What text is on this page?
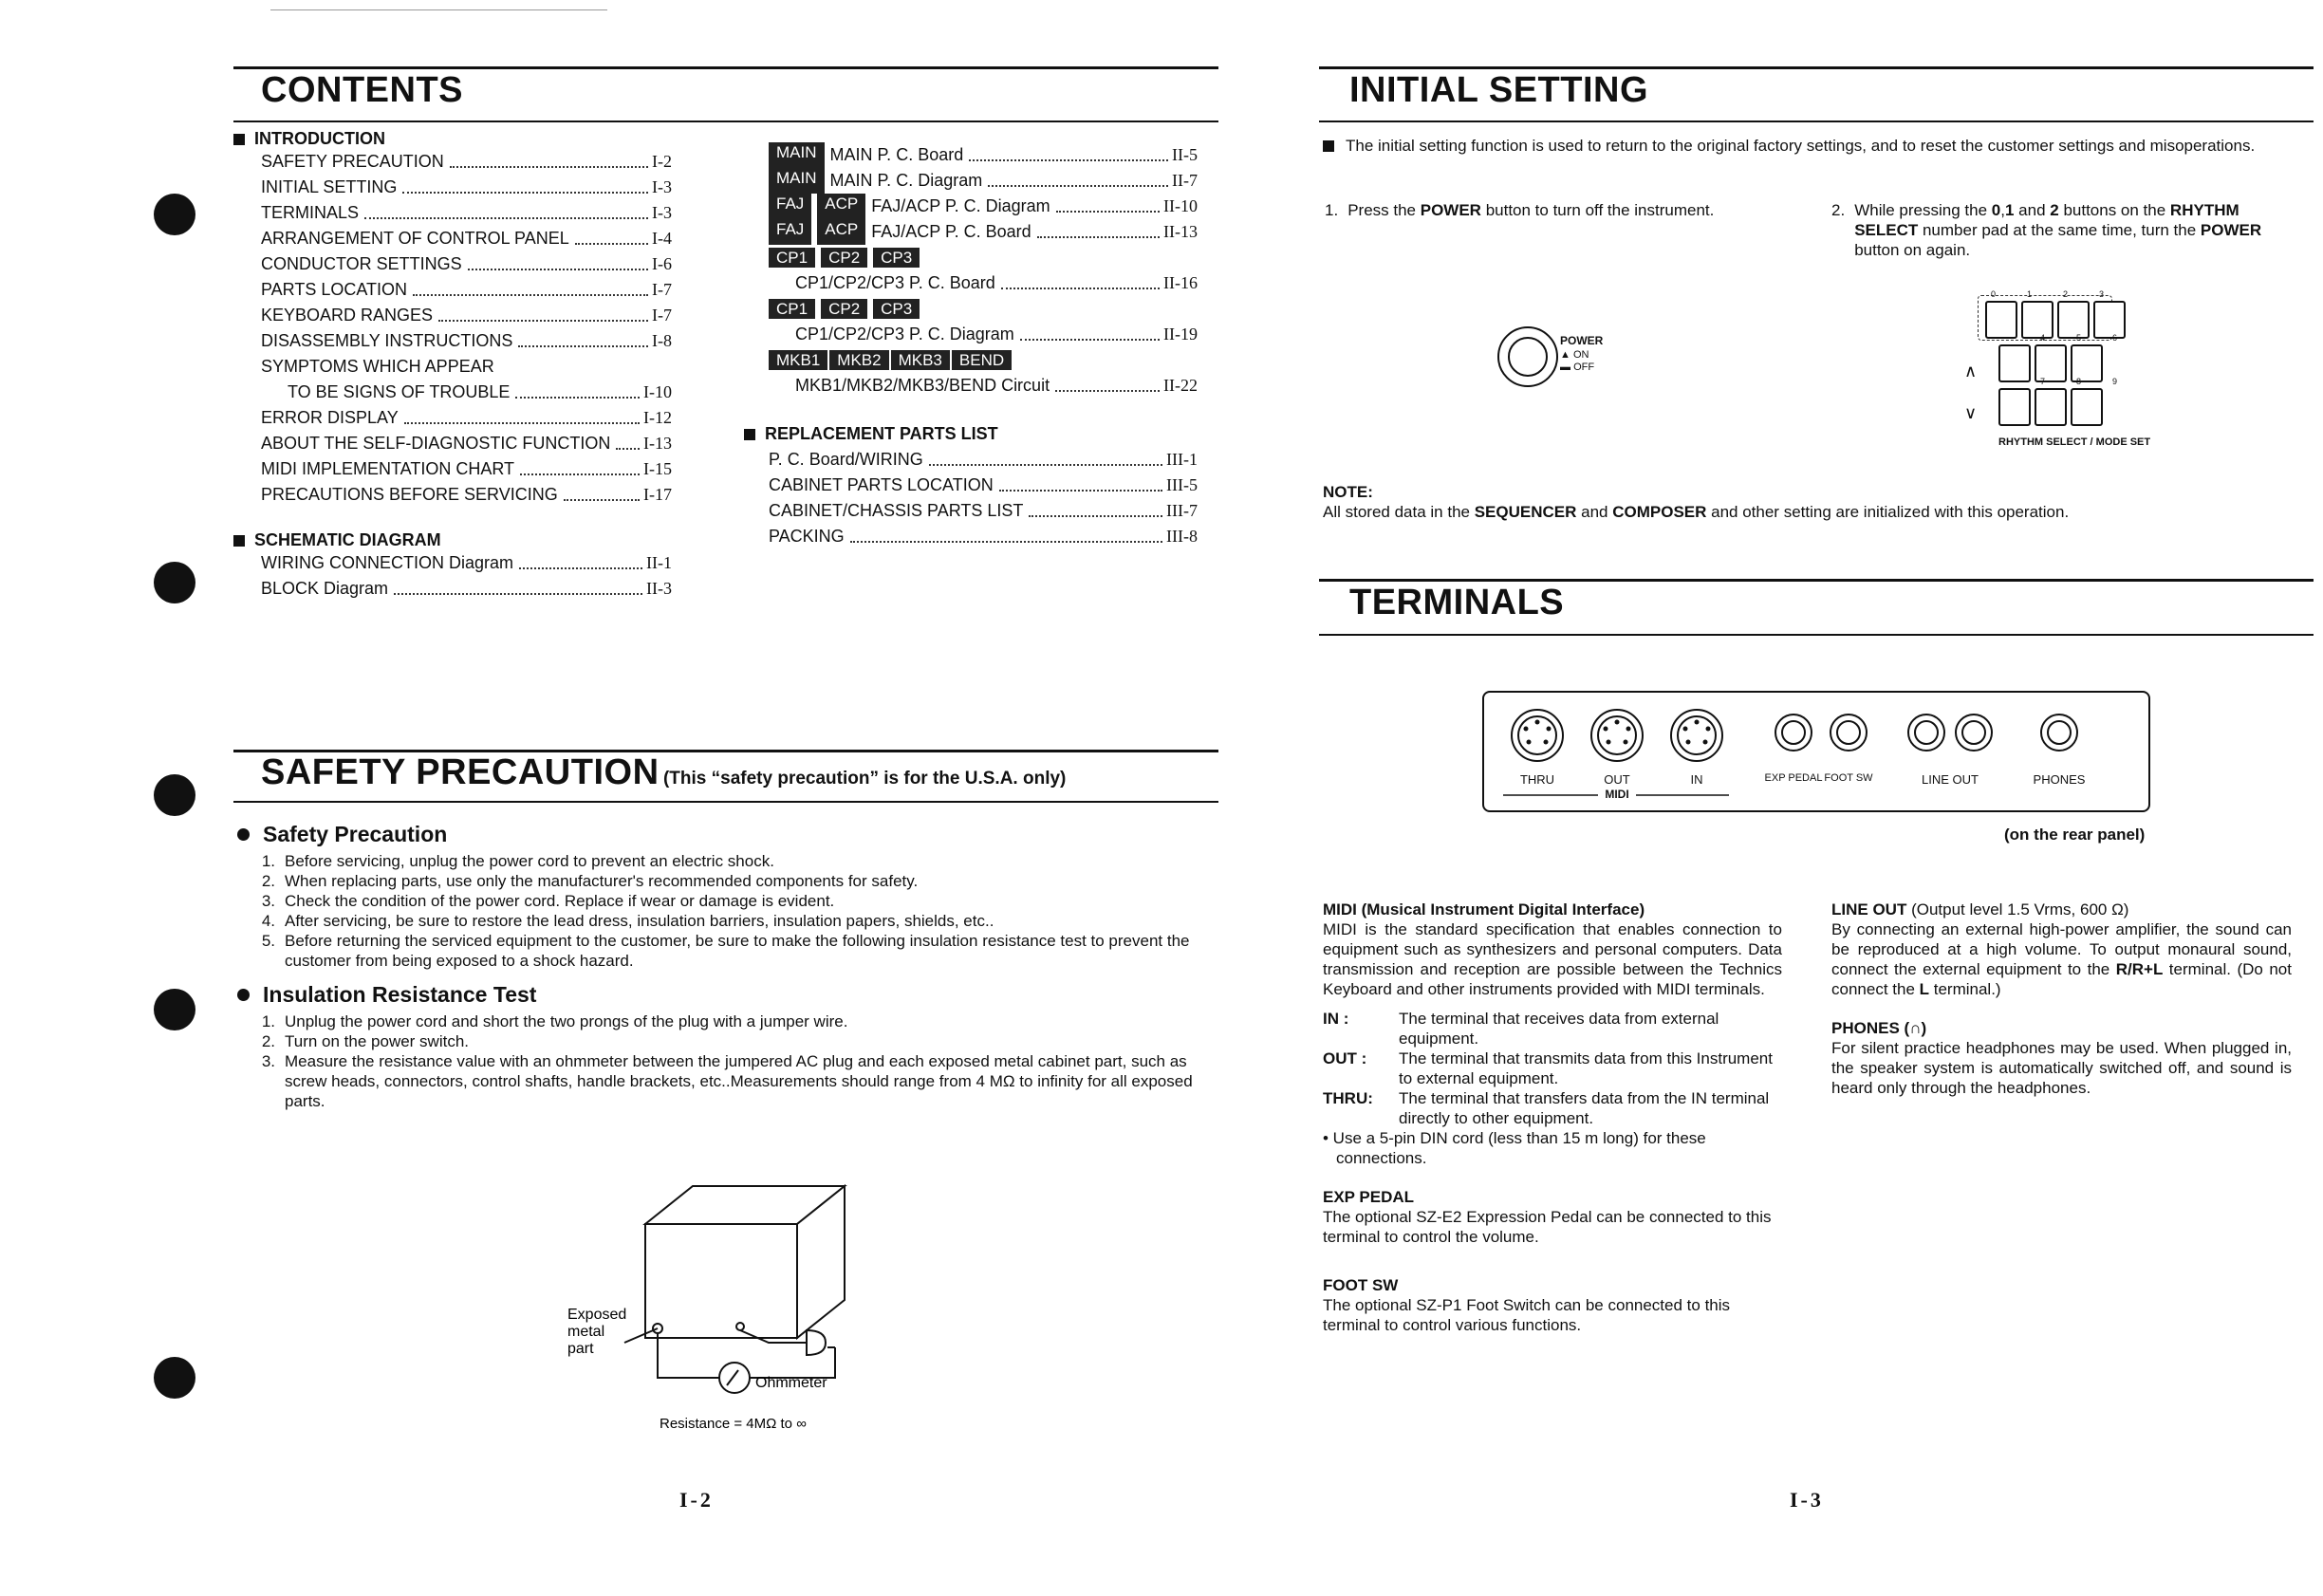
CONTENTS
INTRODUCTION
SAFETY PRECAUTION	I-2
INITIAL SETTING	I-3
TERMINALS	I-3
ARRANGEMENT OF CONTROL PANEL	I-4
CONDUCTOR SETTINGS	I-6
PARTS LOCATION	I-7
KEYBOARD RANGES	I-7
DISASSEMBLY INSTRUCTIONS	I-8
SYMPTOMS WHICH APPEAR
TO BE SIGNS OF TROUBLE	I-10
ERROR DISPLAY	I-12
ABOUT THE SELF-DIAGNOSTIC FUNCTION I-13
MIDI IMPLEMENTATION CHART	I-15
PRECAUTIONS BEFORE SERVICING	I-17
SCHEMATIC DIAGRAM
WIRING CONNECTION Diagram	II-1
BLOCK Diagram	II-3
MAIN MAIN P. C. Board	II-5
MAIN MAIN P. C. Diagram	II-7
FAJ	ACP FAJ/ACP P. C. Diagram	II-10
FAJ	ACP FAJ/ACP P. C. Board	II-13
CP1 CP2 CP3
CP1/CP2/CP3 P. C. Board	II-16
CP1 CP2 CP3
CP1/CP2/CP3 P. C. Diagram	II-19
MKB1 MKB2 MKB3 BEND
MKB1/MKB2/MKB3/BEND Circuit	II-22
REPLACEMENT PARTS LIST
P. C. Board/WIRING	III-1
CABINET PARTS LOCATION	III-5
CABINET/CHASSIS PARTS LIST	III-7
PACKING	III-8
SAFETY PRECAUTION (This “safety precaution” is for the U.S.A. only)
Safety Precaution
1. Before servicing, unplug the power cord to prevent an electric shock.
2. When replacing parts, use only the manufacturer's recommended components for safety.
3. Check the condition of the power cord. Replace if wear or damage is evident.
4. After servicing, be sure to restore the lead dress, insulation barriers, insulation papers, shields, etc..
5. Before returning the serviced equipment to the customer, be sure to make the following insulation resistance test to prevent the customer from being exposed to a shock hazard.
Insulation Resistance Test
1. Unplug the power cord and short the two prongs of the plug with a jumper wire.
2. Turn on the power switch.
3. Measure the resistance value with an ohmmeter between the jumpered AC plug and each exposed metal cabinet part, such as screw heads, connectors, control shafts, handle brackets, etc..Measurements should range from 4 MΩ to infinity for all exposed parts.
Exposed
metal
part
Ohmmeter
Resistance = 4MΩ to ∞
I-2
INITIAL SETTING
The initial setting function is used to return to the original factory settings, and to reset the customer settings and misoperations.
1. Press the POWER button to turn off the instrument.	2. While pressing the 0,1 and 2 buttons on the RHYTHM SELECT number pad at the same time, turn the POWER button on again.
POWER
▲ ON
▬ OFF
0	1	2	3
4	5	6
7	8	9
∧
∨
RHYTHM SELECT / MODE SET
NOTE:
All stored data in the SEQUENCER and COMPOSER and other setting are initialized with this operation.
TERMINALS
THRU	OUT	IN
MIDI
EXP PEDAL FOOT SW	LINE OUT	PHONES
(on the rear panel)
MIDI (Musical Instrument Digital Interface)
MIDI is the standard specification that enables connection to equipment such as synthesizers and personal computers. Data transmission and reception are possible between the Technics Keyboard and other instruments provided with MIDI terminals.
IN :	The terminal that receives data from external equipment.
OUT :	The terminal that transmits data from this Instrument to external equipment.
THRU:	The terminal that transfers data from the IN terminal directly to other equipment.
• Use a 5-pin DIN cord (less than 15 m long) for these connections.
EXP PEDAL
The optional SZ-E2 Expression Pedal can be connected to this terminal to control the volume.
FOOT SW
The optional SZ-P1 Foot Switch can be connected to this terminal to control various functions.
LINE OUT (Output level 1.5 Vrms, 600 Ω)
By connecting an external high-power amplifier, the sound can be reproduced at a high volume. To output monaural sound, connect the external equipment to the R/R+L terminal. (Do not connect the L terminal.)
PHONES (∩)
For silent practice headphones may be used. When plugged in, the speaker system is automatically switched off, and sound is heard only through the headphones.
I-3
